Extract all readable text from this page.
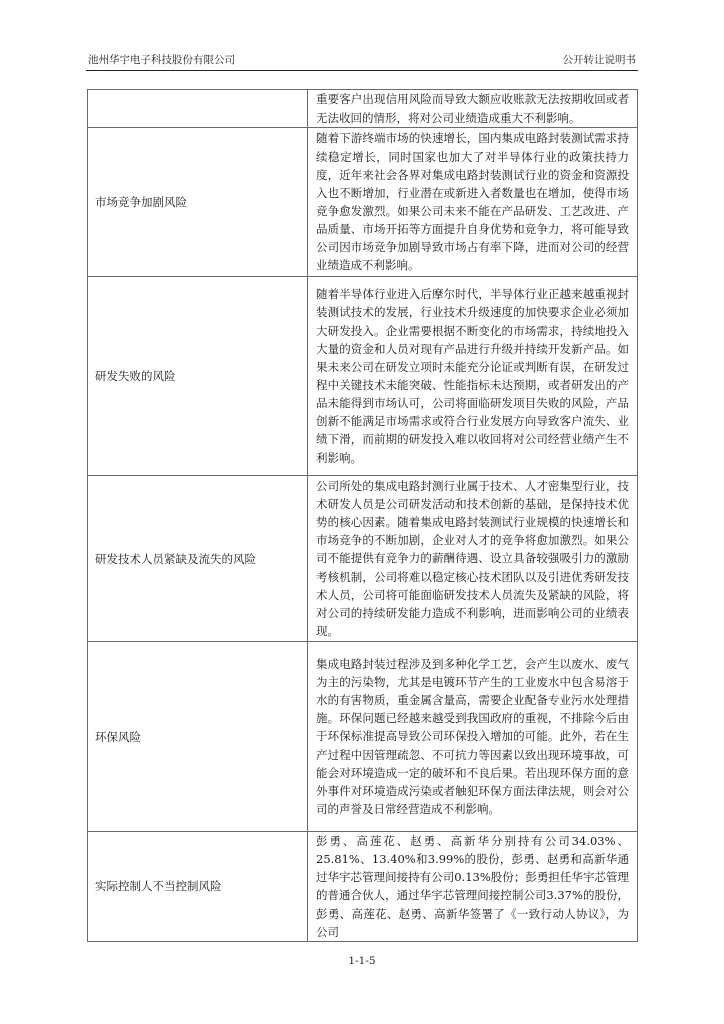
池州华宇电子科技股份有限公司	公开转让说明书
	重要客户出现信用风险而导致大额应收账款无法按期收回或者无法收回的情形，将对公司业绩造成重大不利影响。
市场竞争加剧风险	随着下游终端市场的快速增长，国内集成电路封装测试需求持续稳定增长，同时国家也加大了对半导体行业的政策扶持力度，近年来社会各界对集成电路封装测试行业的资金和资源投入也不断增加，行业潜在或新进入者数量也在增加，使得市场竞争愈发激烈。如果公司未来不能在产品研发、工艺改进、产品质量、市场开拓等方面提升自身优势和竞争力，将可能导致公司因市场竞争加剧导致市场占有率下降，进而对公司的经营业绩造成不利影响。
研发失败的风险	随着半导体行业进入后摩尔时代，半导体行业正越来越重视封装测试技术的发展，行业技术升级速度的加快要求企业必须加大研发投入。企业需要根据不断变化的市场需求，持续地投入大量的资金和人员对现有产品进行升级并持续开发新产品。如果未来公司在研发立项时未能充分论证或判断有误，在研发过程中关键技术未能突破、性能指标未达预期，或者研发出的产品未能得到市场认可，公司将面临研发项目失败的风险，产品创新不能满足市场需求或符合行业发展方向导致客户流失、业绩下滑，而前期的研发投入难以收回将对公司经营业绩产生不利影响。
研发技术人员紧缺及流失的风险	公司所处的集成电路封测行业属于技术、人才密集型行业，技术研发人员是公司研发活动和技术创新的基础，是保持技术优势的核心因素。随着集成电路封装测试行业规模的快速增长和市场竞争的不断加剧，企业对人才的竞争将愈加激烈。如果公司不能提供有竞争力的薪酬待遇、设立具备较强吸引力的激励考核机制，公司将难以稳定核心技术团队以及引进优秀研发技术人员，公司将可能面临研发技术人员流失及紧缺的风险，将对公司的持续研发能力造成不利影响，进而影响公司的业绩表现。
环保风险	集成电路封装过程涉及到多种化学工艺，会产生以废水、废气为主的污染物，尤其是电镀环节产生的工业废水中包含易溶于水的有害物质，重金属含量高，需要企业配备专业污水处理措施。环保问题已经越来越受到我国政府的重视，不排除今后由于环保标准提高导致公司环保投入增加的可能。此外，若在生产过程中因管理疏忽、不可抗力等因素以致出现环境事故，可能会对环境造成一定的破坏和不良后果。若出现环保方面的意外事件对环境造成污染或者触犯环保方面法律法规，则会对公司的声誉及日常经营造成不利影响。
实际控制人不当控制风险	彭勇、高莲花、赵勇、高新华分别持有公司34.03%、25.81%、13.40%和3.99%的股份，彭勇、赵勇和高新华通过华宇芯管理间接持有公司0.13%股份；彭勇担任华宇芯管理的普通合伙人，通过华宇芯管理间接控制公司3.37%的股份，彭勇、高莲花、赵勇、高新华签署了《一致行动人协议》，为公司
1-1-5
